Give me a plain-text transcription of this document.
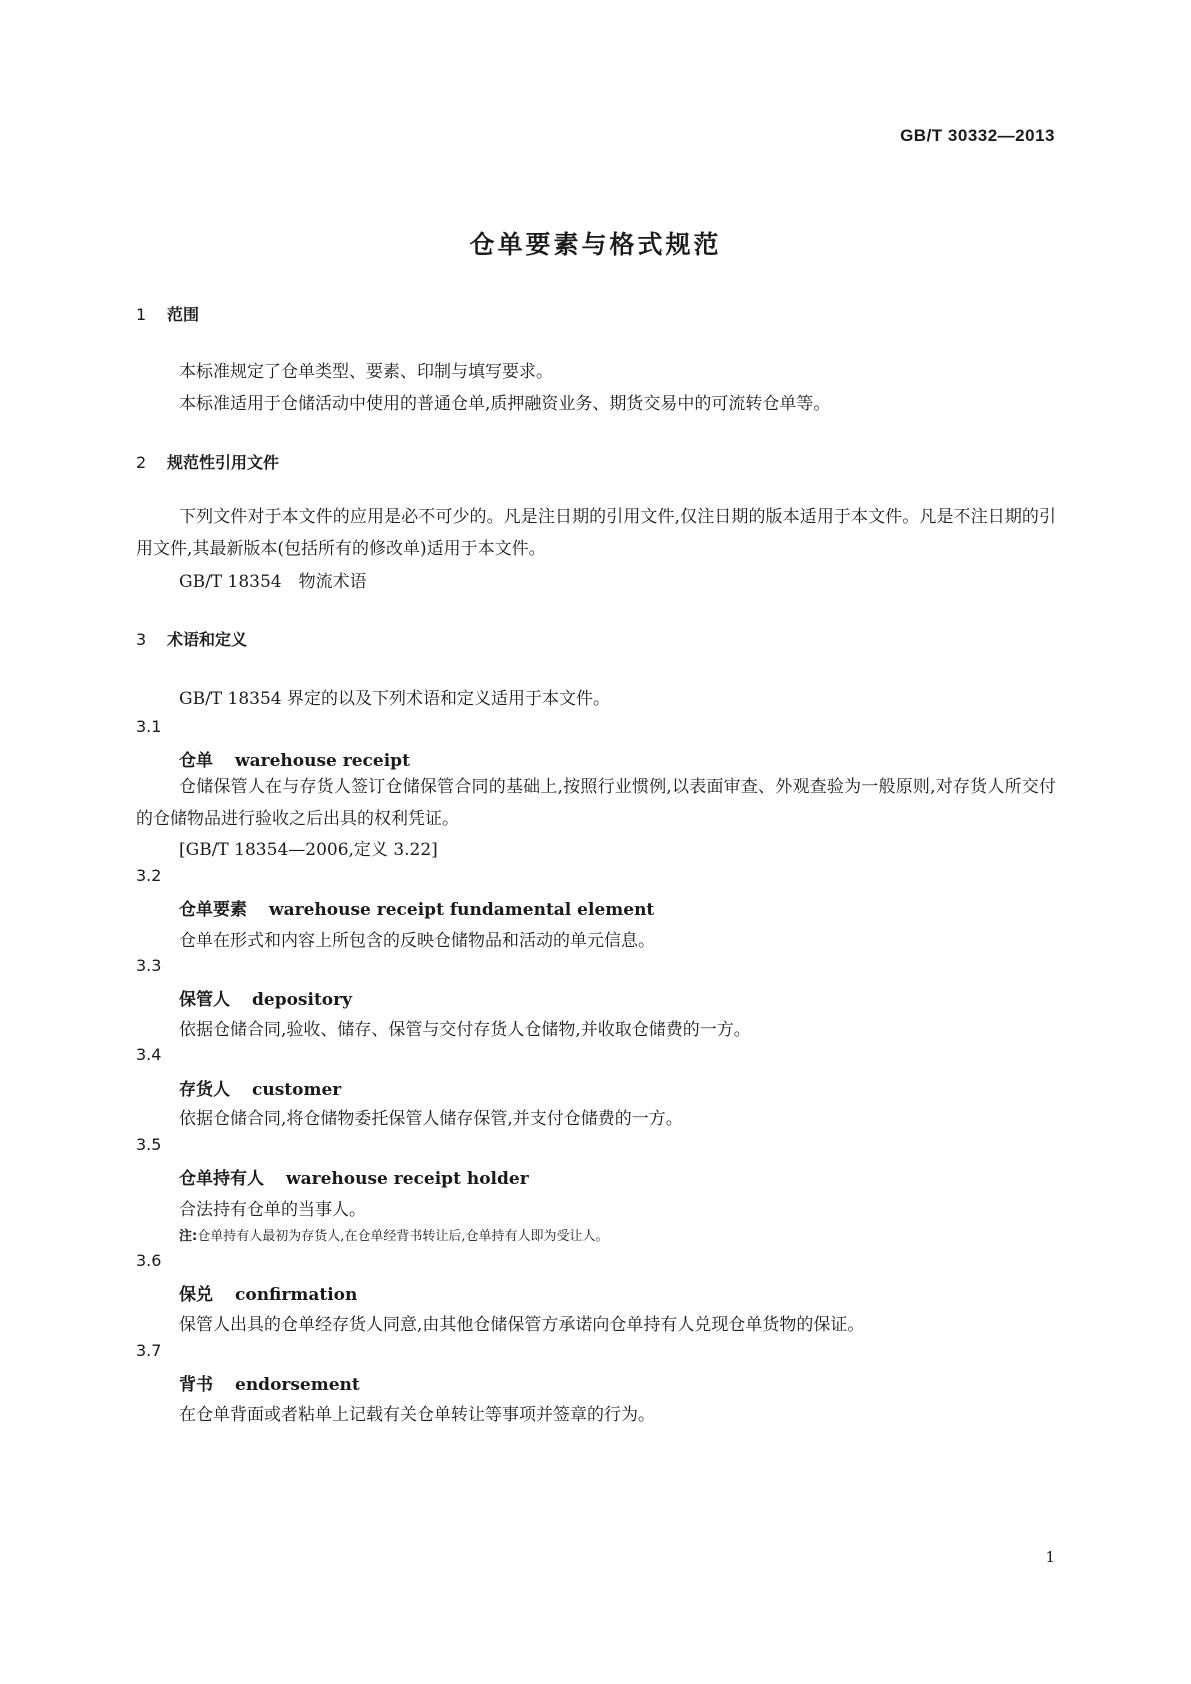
GB/T 30332—2013
仓单要素与格式规范
1 范围
本标准规定了仓单类型、要素、印制与填写要求。
本标准适用于仓储活动中使用的普通仓单,质押融资业务、期货交易中的可流转仓单等。
2 规范性引用文件
下列文件对于本文件的应用是必不可少的。凡是注日期的引用文件,仅注日期的版本适用于本文件。凡是不注日期的引用文件,其最新版本(包括所有的修改单)适用于本文件。
GB/T 18354　物流术语
3 术语和定义
GB/T 18354 界定的以及下列术语和定义适用于本文件。
3.1
仓单 warehouse receipt
仓储保管人在与存货人签订仓储保管合同的基础上,按照行业惯例,以表面审查、外观查验为一般原则,对存货人所交付的仓储物品进行验收之后出具的权利凭证。
[GB/T 18354—2006,定义 3.22]
3.2
仓单要素 warehouse receipt fundamental element
仓单在形式和内容上所包含的反映仓储物品和活动的单元信息。
3.3
保管人 depository
依据仓储合同,验收、储存、保管与交付存货人仓储物,并收取仓储费的一方。
3.4
存货人 customer
依据仓储合同,将仓储物委托保管人储存保管,并支付仓储费的一方。
3.5
仓单持有人 warehouse receipt holder
合法持有仓单的当事人。
注:仓单持有人最初为存货人,在仓单经背书转让后,仓单持有人即为受让人。
3.6
保兑 confirmation
保管人出具的仓单经存货人同意,由其他仓储保管方承诺向仓单持有人兑现仓单货物的保证。
3.7
背书 endorsement
在仓单背面或者粘单上记载有关仓单转让等事项并签章的行为。
1
